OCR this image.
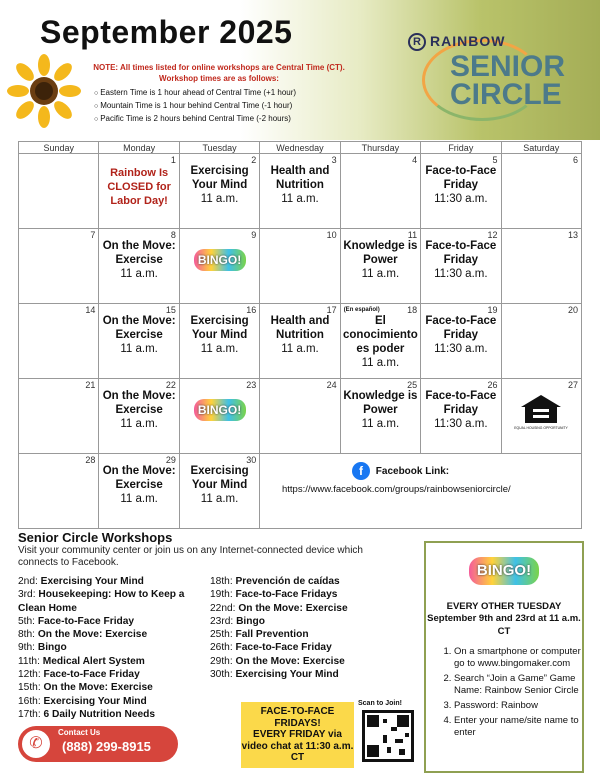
September 2025
NOTE: All times listed for online workshops are Central Time (CT).
Workshop times are as follows:
○ Eastern Time is 1 hour ahead of Central Time (+1 hour)
○ Mountain Time is 1 hour behind Central Time (-1 hour)
○ Pacific Time is 2 hours behind Central Time (-2 hours)
R RAINBOW
SENIOR
CIRCLE
Sunday	Monday	Tuesday	Wednesday	Thursday	Friday	Saturday

	1
Rainbow Is CLOSED for Labor Day!	2
Exercising Your Mind
11 a.m.	3
Health and Nutrition
11 a.m.	4	5
Face-to-Face Friday
11:30 a.m.	6

7	8
On the Move: Exercise
11 a.m.	9
BINGO!	10	11
Knowledge is Power
11 a.m.	12
Face-to-Face Friday
11:30 a.m.	13

14	15
On the Move: Exercise
11 a.m.	16
Exercising Your Mind
11 a.m.	17
Health and Nutrition
11 a.m.	(En español) 18
El conocimiento es poder
11 a.m.	19
Face-to-Face Friday
11:30 a.m.	20

21	22
On the Move: Exercise
11 a.m.	23
BINGO!	24	25
Knowledge is Power
11 a.m.	26
Face-to-Face Friday
11:30 a.m.	27
EQUAL HOUSING OPPORTUNITY

28	29
On the Move: Exercise
11 a.m.	30
Exercising Your Mind
11 a.m.				

f Facebook Link:
https://www.facebook.com/groups/rainbowseniorcircle/
Senior Circle Workshops
Visit your community center or join us on any Internet-connected device which connects to Facebook.
2nd: Exercising Your Mind
3rd: Housekeeping: How to Keep a Clean Home
5th: Face-to-Face Friday
8th: On the Move: Exercise
9th: Bingo
11th: Medical Alert System
12th: Face-to-Face Friday
15th: On the Move: Exercise
16th: Exercising Your Mind
17th: 6 Daily Nutrition Needs
18th: Prevención de caídas
19th: Face-to-Face Fridays
22nd: On the Move: Exercise
23rd: Bingo
25th: Fall Prevention
26th: Face-to-Face Friday
29th: On the Move: Exercise
30th: Exercising Your Mind
✆
Contact Us
(888) 299-8915
FACE-TO-FACE FRIDAYS!
EVERY FRIDAY via video chat at 11:30 a.m. CT
Scan to Join!
BINGO!
EVERY OTHER TUESDAY
September 9th and 23rd at 11 a.m. CT
1. On a smartphone or computer go to www.bingomaker.com
2. Search “Join a Game” Game Name: Rainbow Senior Circle
3. Password: Rainbow
4. Enter your name/site name to enter
